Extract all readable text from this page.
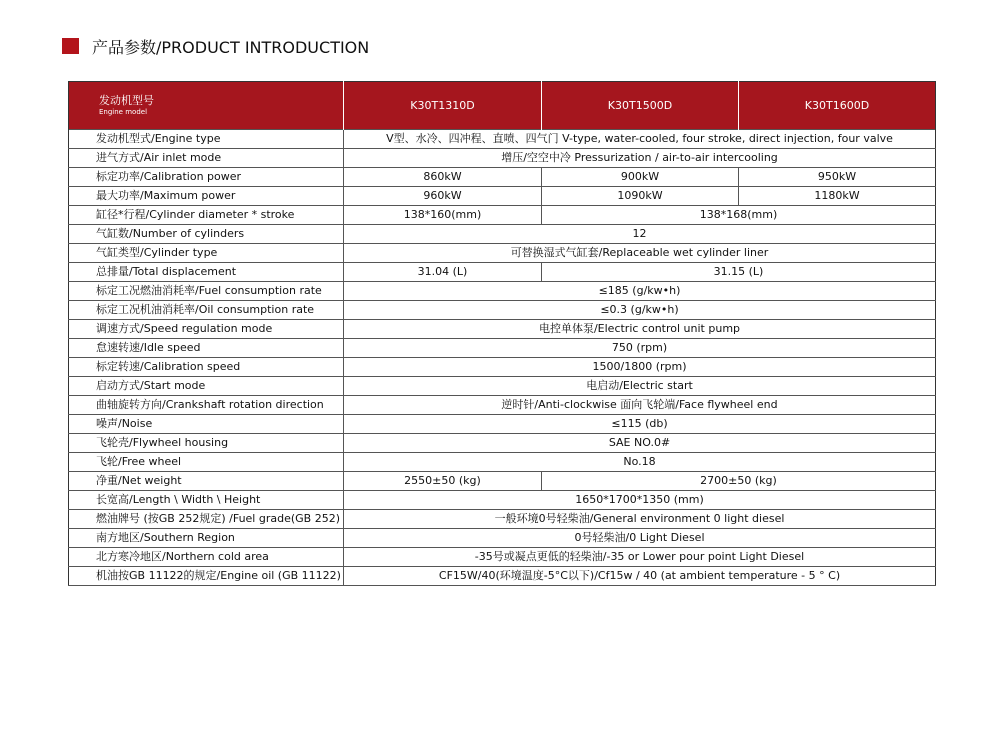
产品参数/PRODUCT INTRODUCTION
发动机型号
Engine model	K30T1310D	K30T1500D	K30T1600D
发动机型式/Engine type	V型、水冷、四冲程、直喷、四气门 V-type, water-cooled, four stroke, direct injection, four valve		
进气方式/Air inlet mode	增压/空空中冷 Pressurization / air-to-air intercooling		
标定功率/Calibration power	860kW	900kW	950kW
最大功率/Maximum power	960kW	1090kW	1180kW
缸径*行程/Cylinder diameter * stroke	138*160(mm)	138*168(mm)	
气缸数/Number of cylinders	12		
气缸类型/Cylinder type	可替换湿式气缸套/Replaceable wet cylinder liner		
总排量/Total displacement	31.04 (L)	31.15 (L)	
标定工况燃油消耗率/Fuel consumption rate	≤185 (g/kw•h)		
标定工况机油消耗率/Oil consumption rate	≤0.3 (g/kw•h)		
调速方式/Speed regulation mode	电控单体泵/Electric control unit pump		
怠速转速/Idle speed	750 (rpm)		
标定转速/Calibration speed	1500/1800 (rpm)		
启动方式/Start mode	电启动/Electric start		
曲轴旋转方向/Crankshaft rotation direction	逆时针/Anti-clockwise 面向飞轮端/Face flywheel end		
噪声/Noise	≤115 (db)		
飞轮壳/Flywheel housing	SAE NO.0#		
飞轮/Free wheel	No.18		
净重/Net weight	2550±50 (kg)	2700±50 (kg)	
长宽高/Length \ Width \ Height	1650*1700*1350 (mm)		
燃油牌号 (按GB 252规定) /Fuel grade(GB 252)	一般环境0号轻柴油/General environment 0 light diesel		
南方地区/Southern Region	0号轻柴油/0 Light Diesel		
北方寒冷地区/Northern cold area	-35号或凝点更低的轻柴油/-35 or Lower pour point Light Diesel		
机油按GB 11122的规定/Engine oil (GB 11122)	CF15W/40(环境温度-5°C以下)/Cf15w / 40 (at ambient temperature - 5 ° C)		
